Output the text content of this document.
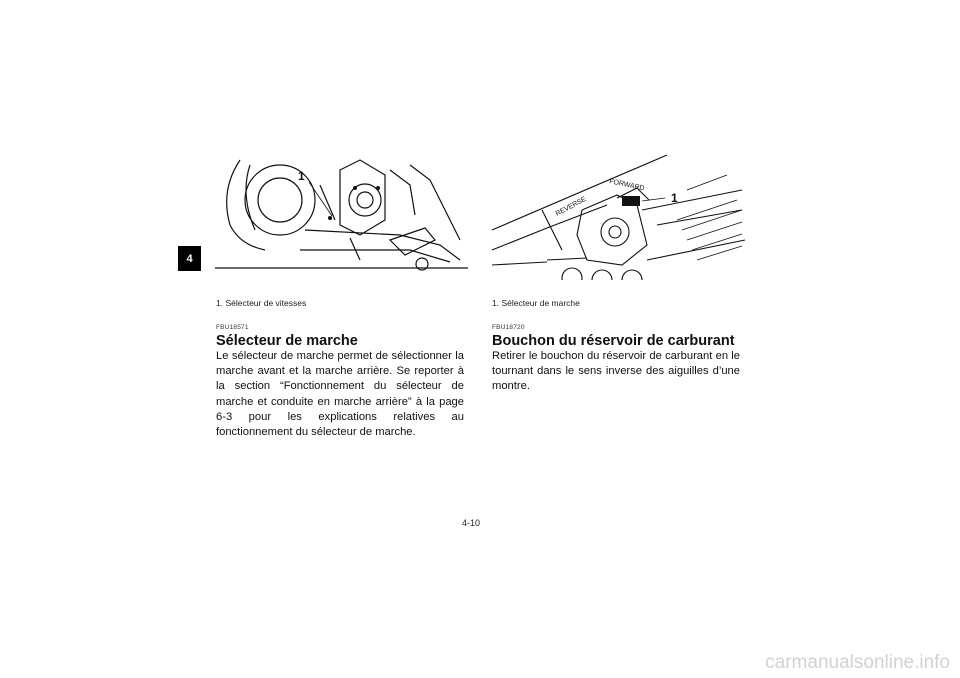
4
1
REVERSE
FORWARD
1
1. Sélecteur de vitesses
FBU18571
Sélecteur de marche

Le sélecteur de marche permet de sélectionner la marche avant et la marche arrière. Se reporter à la section “Fonctionnement du sélecteur de marche et conduite en marche arrière” à la page 6-3 pour les explications relatives au fonctionnement du sélecteur de marche.

1. Sélecteur de marche
FBU18720
Bouchon du réservoir de carburant

Retirer le bouchon du réservoir de carburant en le tournant dans le sens inverse des aiguilles d’une montre.

4-10
carmanualsonline.info
